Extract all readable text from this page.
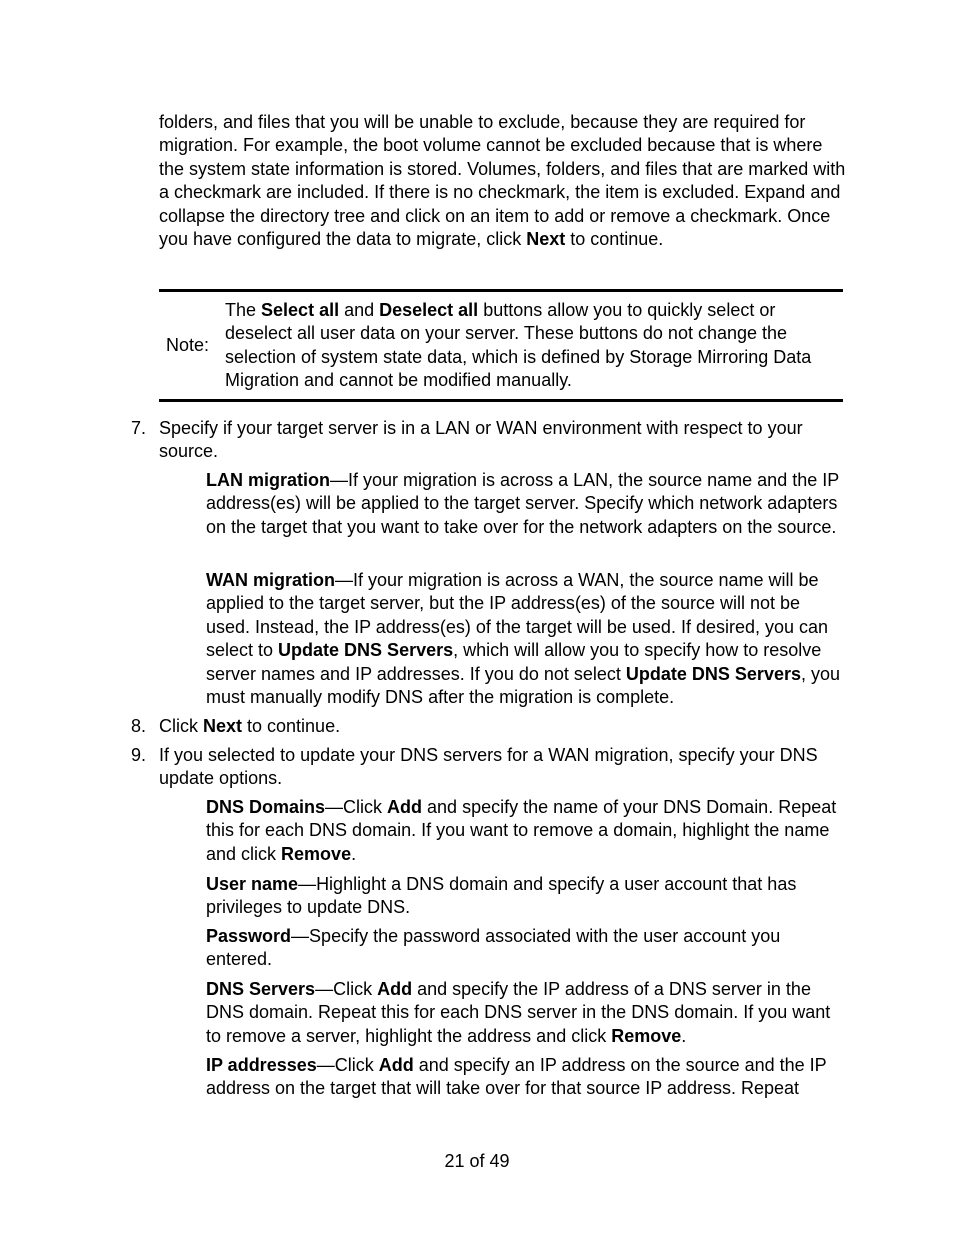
folders, and files that you will be unable to exclude, because they are required for migration. For example, the boot volume cannot be excluded because that is where the system state information is stored. Volumes, folders, and files that are marked with a checkmark are included. If there is no checkmark, the item is excluded. Expand and collapse the directory tree and click on an item to add or remove a checkmark. Once you have configured the data to migrate, click Next to continue.

Note:

The Select all and Deselect all buttons allow you to quickly select or deselect all user data on your server. These buttons do not change the selection of system state data, which is defined by Storage Mirroring Data Migration and cannot be modified manually.

7. Specify if your target server is in a LAN or WAN environment with respect to your source.

LAN migration—If your migration is across a LAN, the source name and the IP address(es) will be applied to the target server. Specify which network adapters on the target that you want to take over for the network adapters on the source.

WAN migration—If your migration is across a WAN, the source name will be applied to the target server, but the IP address(es) of the source will not be used. Instead, the IP address(es) of the target will be used. If desired, you can select to Update DNS Servers, which will allow you to specify how to resolve server names and IP addresses. If you do not select Update DNS Servers, you must manually modify DNS after the migration is complete.

8. Click Next to continue.

9. If you selected to update your DNS servers for a WAN migration, specify your DNS update options.

DNS Domains—Click Add and specify the name of your DNS Domain. Repeat this for each DNS domain. If you want to remove a domain, highlight the name and click Remove.

User name—Highlight a DNS domain and specify a user account that has privileges to update DNS.

Password—Specify the password associated with the user account you entered.

DNS Servers—Click Add and specify the IP address of a DNS server in the DNS domain. Repeat this for each DNS server in the DNS domain. If you want to remove a server, highlight the address and click Remove.

IP addresses—Click Add and specify an IP address on the source and the IP address on the target that will take over for that source IP address. Repeat

21 of 49
